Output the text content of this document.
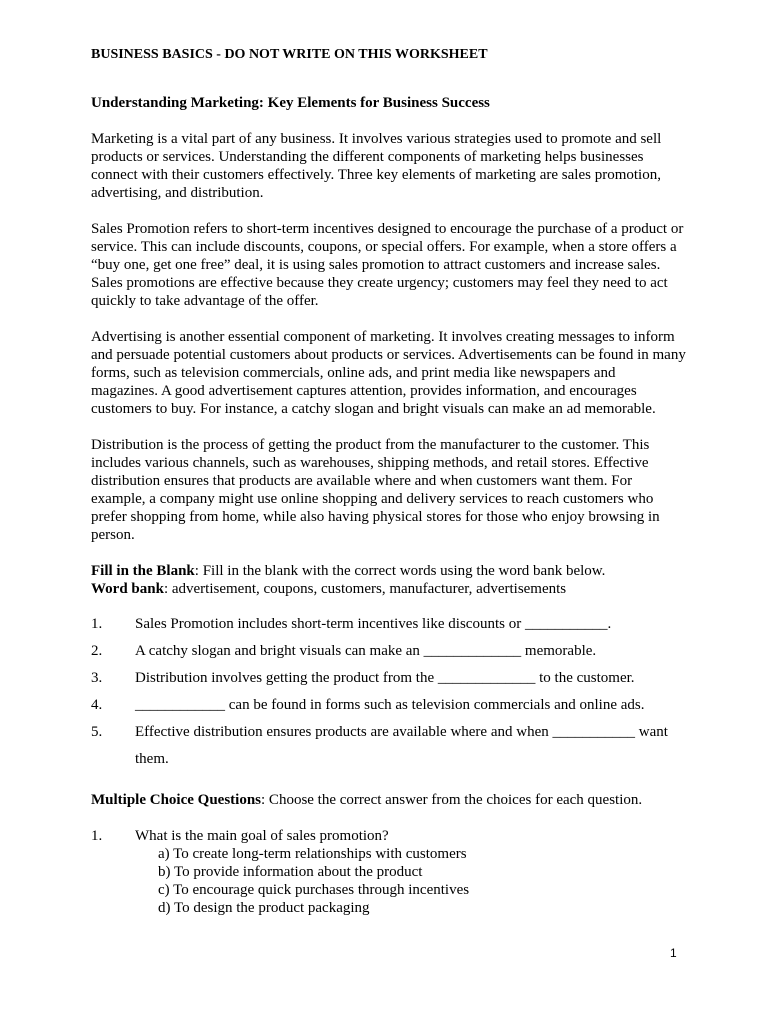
BUSINESS BASICS - DO NOT WRITE ON THIS WORKSHEET
Understanding Marketing: Key Elements for Business Success

Marketing is a vital part of any business. It involves various strategies used to promote and sell products or services. Understanding the different components of marketing helps businesses connect with their customers effectively. Three key elements of marketing are sales promotion, advertising, and distribution.

Sales Promotion refers to short-term incentives designed to encourage the purchase of a product or service. This can include discounts, coupons, or special offers. For example, when a store offers a “buy one, get one free” deal, it is using sales promotion to attract customers and increase sales. Sales promotions are effective because they create urgency; customers may feel they need to act quickly to take advantage of the offer.

Advertising is another essential component of marketing. It involves creating messages to inform and persuade potential customers about products or services. Advertisements can be found in many forms, such as television commercials, online ads, and print media like newspapers and magazines. A good advertisement captures attention, provides information, and encourages customers to buy. For instance, a catchy slogan and bright visuals can make an ad memorable.

Distribution is the process of getting the product from the manufacturer to the customer. This includes various channels, such as warehouses, shipping methods, and retail stores. Effective distribution ensures that products are available where and when customers want them. For example, a company might use online shopping and delivery services to reach customers who prefer shopping from home, while also having physical stores for those who enjoy browsing in person.

Fill in the Blank: Fill in the blank with the correct words using the word bank below.
Word bank: advertisement, coupons, customers, manufacturer, advertisements
1.	Sales Promotion includes short-term incentives like discounts or ___________.
2.	A catchy slogan and bright visuals can make an _____________ memorable.
3.	Distribution involves getting the product from the _____________ to the customer.
4.	____________ can be found in forms such as television commercials and online ads.
5.	Effective distribution ensures products are available where and when ___________ want them.
Multiple Choice Questions: Choose the correct answer from the choices for each question.
1.	What is the main goal of sales promotion?
a) To create long-term relationships with customers
b) To provide information about the product
c) To encourage quick purchases through incentives
d) To design the product packaging
1
